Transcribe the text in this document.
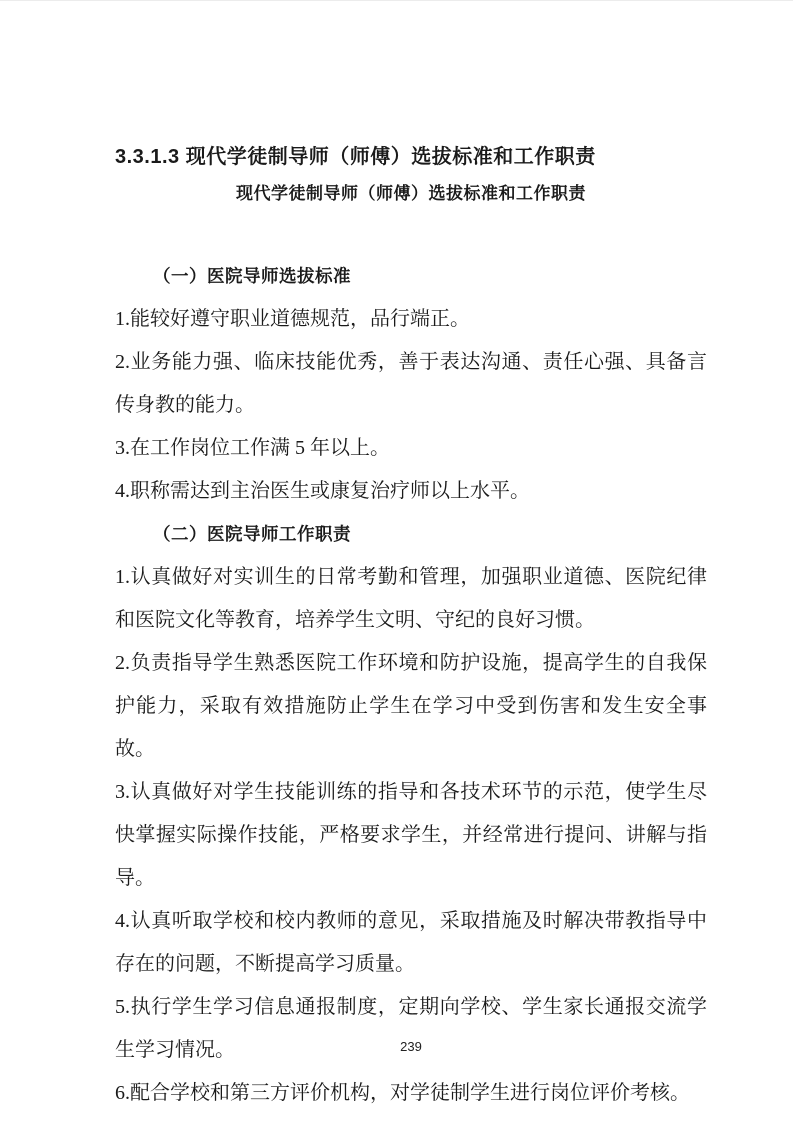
3.3.1.3 现代学徒制导师（师傅）选拔标准和工作职责
现代学徒制导师（师傅）选拔标准和工作职责
（一）医院导师选拔标准

1.能较好遵守职业道德规范，品行端正。

2.业务能力强、临床技能优秀，善于表达沟通、责任心强、具备言传身教的能力。

3.在工作岗位工作满 5 年以上。

4.职称需达到主治医生或康复治疗师以上水平。

（二）医院导师工作职责

1.认真做好对实训生的日常考勤和管理，加强职业道德、医院纪律和医院文化等教育，培养学生文明、守纪的良好习惯。

2.负责指导学生熟悉医院工作环境和防护设施，提高学生的自我保护能力，采取有效措施防止学生在学习中受到伤害和发生安全事故。

3.认真做好对学生技能训练的指导和各技术环节的示范，使学生尽快掌握实际操作技能，严格要求学生，并经常进行提问、讲解与指导。

4.认真听取学校和校内教师的意见，采取措施及时解决带教指导中存在的问题，不断提高学习质量。

5.执行学生学习信息通报制度，定期向学校、学生家长通报交流学生学习情况。

6.配合学校和第三方评价机构，对学徒制学生进行岗位评价考核。

239
